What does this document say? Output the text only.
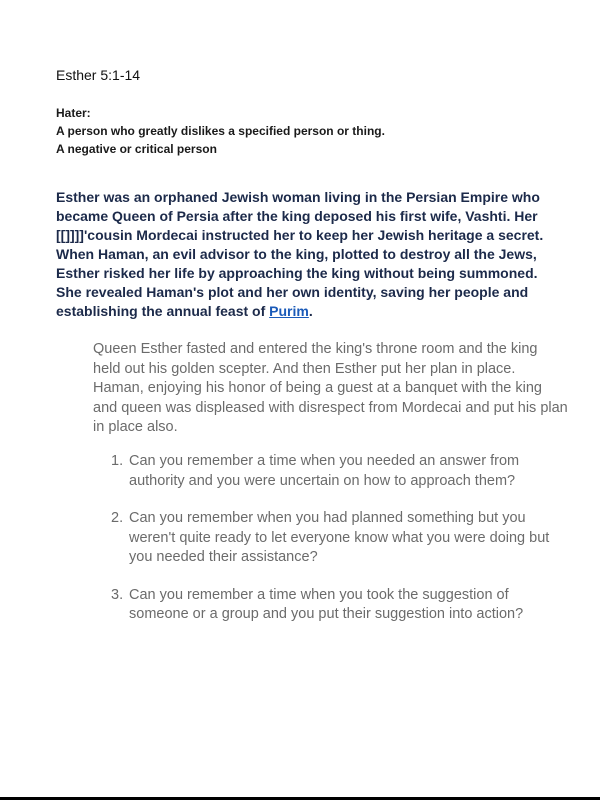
Esther 5:1-14

Hater:
A person who greatly dislikes a specified person or thing.
A negative or critical person

Esther was an orphaned Jewish woman living in the Persian Empire who became Queen of Persia after the king deposed his first wife, Vashti. Her [[]]]]'cousin Mordecai instructed her to keep her Jewish heritage a secret. When Haman, an evil advisor to the king, plotted to destroy all the Jews, Esther risked her life by approaching the king without being summoned. She revealed Haman's plot and her own identity, saving her people and establishing the annual feast of Purim.

Queen Esther fasted and entered the king's throne room and the king held out his golden scepter. And then Esther put her plan in place. Haman, enjoying his honor of being a guest at a banquet with the king and queen was displeased with disrespect from Mordecai and put his plan in place also.

1. Can you remember a time when you needed an answer from authority and you were uncertain on how to approach them?
2. Can you remember when you had planned something but you weren't quite ready to let everyone know what you were doing but you needed their assistance?
3. Can you remember a time when you took the suggestion of someone or a group and you put their suggestion into action?
